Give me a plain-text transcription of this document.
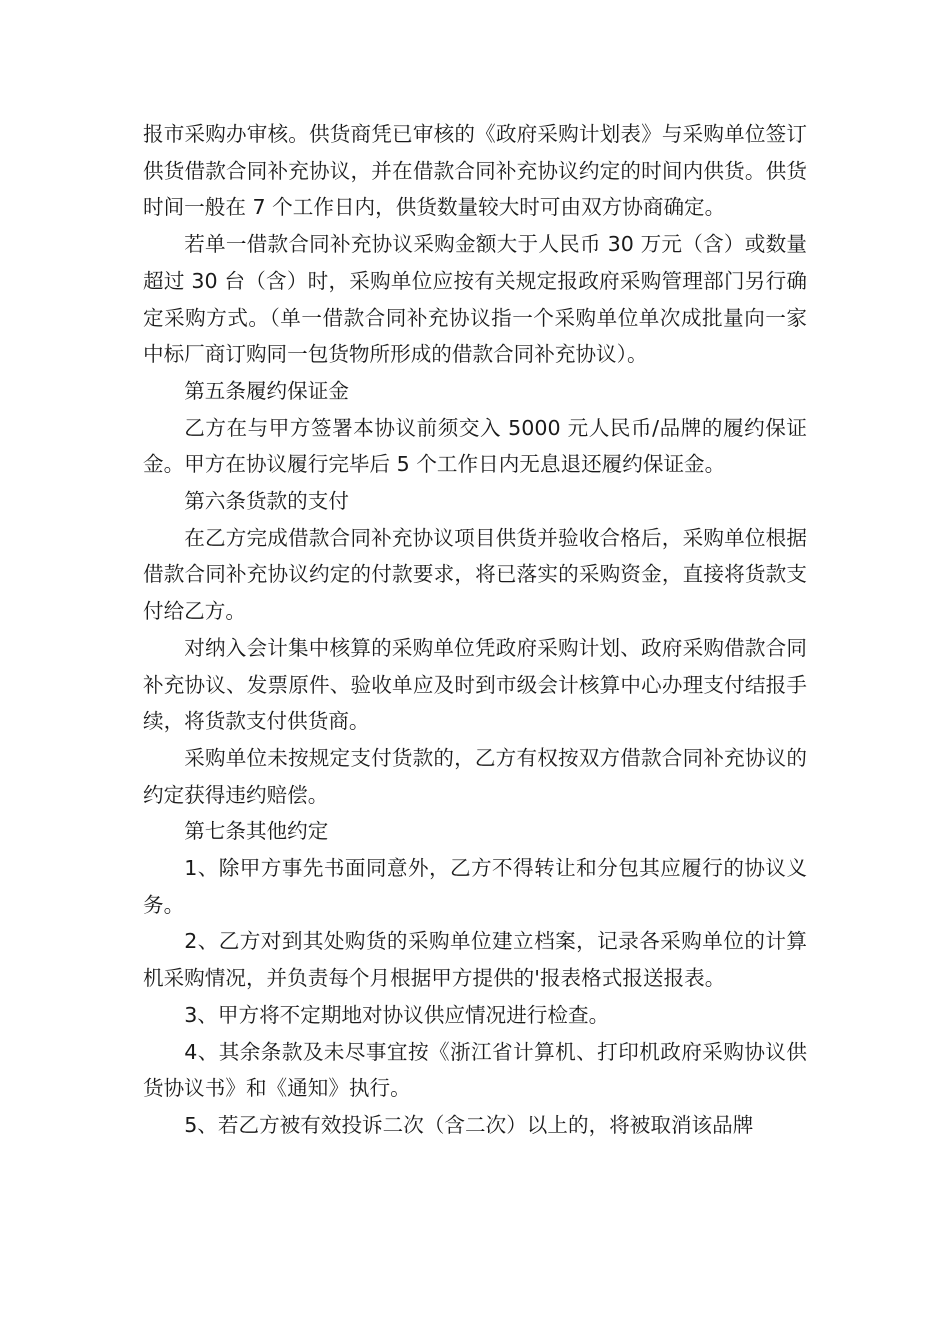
报市采购办审核。供货商凭已审核的《政府采购计划表》与采购单位签订供货借款合同补充协议，并在借款合同补充协议约定的时间内供货。供货时间一般在 7 个工作日内，供货数量较大时可由双方协商确定。

若单一借款合同补充协议采购金额大于人民币 30 万元（含）或数量超过 30 台（含）时，采购单位应按有关规定报政府采购管理部门另行确定采购方式。（单一借款合同补充协议指一个采购单位单次成批量向一家中标厂商订购同一包货物所形成的借款合同补充协议）。

第五条履约保证金

乙方在与甲方签署本协议前须交入 5000 元人民币/品牌的履约保证金。甲方在协议履行完毕后 5 个工作日内无息退还履约保证金。

第六条货款的支付

在乙方完成借款合同补充协议项目供货并验收合格后，采购单位根据借款合同补充协议约定的付款要求，将已落实的采购资金，直接将货款支付给乙方。

对纳入会计集中核算的采购单位凭政府采购计划、政府采购借款合同补充协议、发票原件、验收单应及时到市级会计核算中心办理支付结报手续，将货款支付供货商。

采购单位未按规定支付货款的，乙方有权按双方借款合同补充协议的约定获得违约赔偿。

第七条其他约定

1、除甲方事先书面同意外，乙方不得转让和分包其应履行的协议义务。

2、乙方对到其处购货的采购单位建立档案，记录各采购单位的计算机采购情况，并负责每个月根据甲方提供的'报表格式报送报表。

3、甲方将不定期地对协议供应情况进行检查。

4、其余条款及未尽事宜按《浙江省计算机、打印机政府采购协议供货协议书》和《通知》执行。

5、若乙方被有效投诉二次（含二次）以上的，将被取消该品牌
